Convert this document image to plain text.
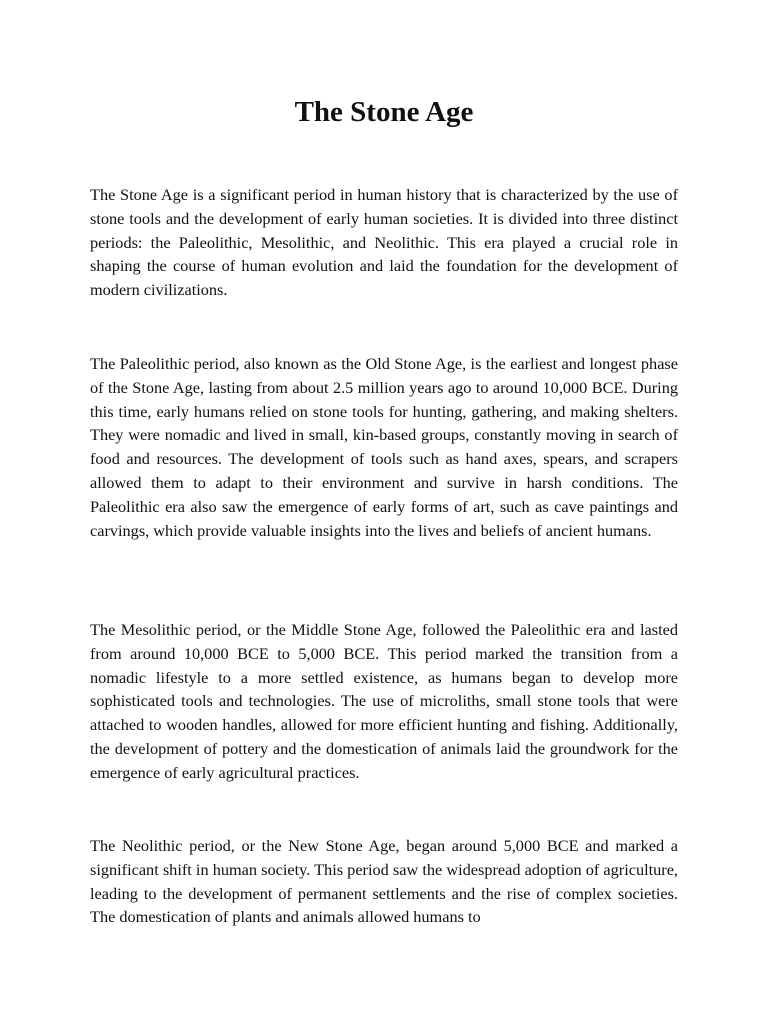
The Stone Age

The Stone Age is a significant period in human history that is characterized by the use of stone tools and the development of early human societies. It is divided into three distinct periods: the Paleolithic, Mesolithic, and Neolithic. This era played a crucial role in shaping the course of human evolution and laid the foundation for the development of modern civilizations.

The Paleolithic period, also known as the Old Stone Age, is the earliest and longest phase of the Stone Age, lasting from about 2.5 million years ago to around 10,000 BCE. During this time, early humans relied on stone tools for hunting, gathering, and making shelters. They were nomadic and lived in small, kin-based groups, constantly moving in search of food and resources. The development of tools such as hand axes, spears, and scrapers allowed them to adapt to their environment and survive in harsh conditions. The Paleolithic era also saw the emergence of early forms of art, such as cave paintings and carvings, which provide valuable insights into the lives and beliefs of ancient humans.

The Mesolithic period, or the Middle Stone Age, followed the Paleolithic era and lasted from around 10,000 BCE to 5,000 BCE. This period marked the transition from a nomadic lifestyle to a more settled existence, as humans began to develop more sophisticated tools and technologies. The use of microliths, small stone tools that were attached to wooden handles, allowed for more efficient hunting and fishing. Additionally, the development of pottery and the domestication of animals laid the groundwork for the emergence of early agricultural practices.

The Neolithic period, or the New Stone Age, began around 5,000 BCE and marked a significant shift in human society. This period saw the widespread adoption of agriculture, leading to the development of permanent settlements and the rise of complex societies. The domestication of plants and animals allowed humans to
